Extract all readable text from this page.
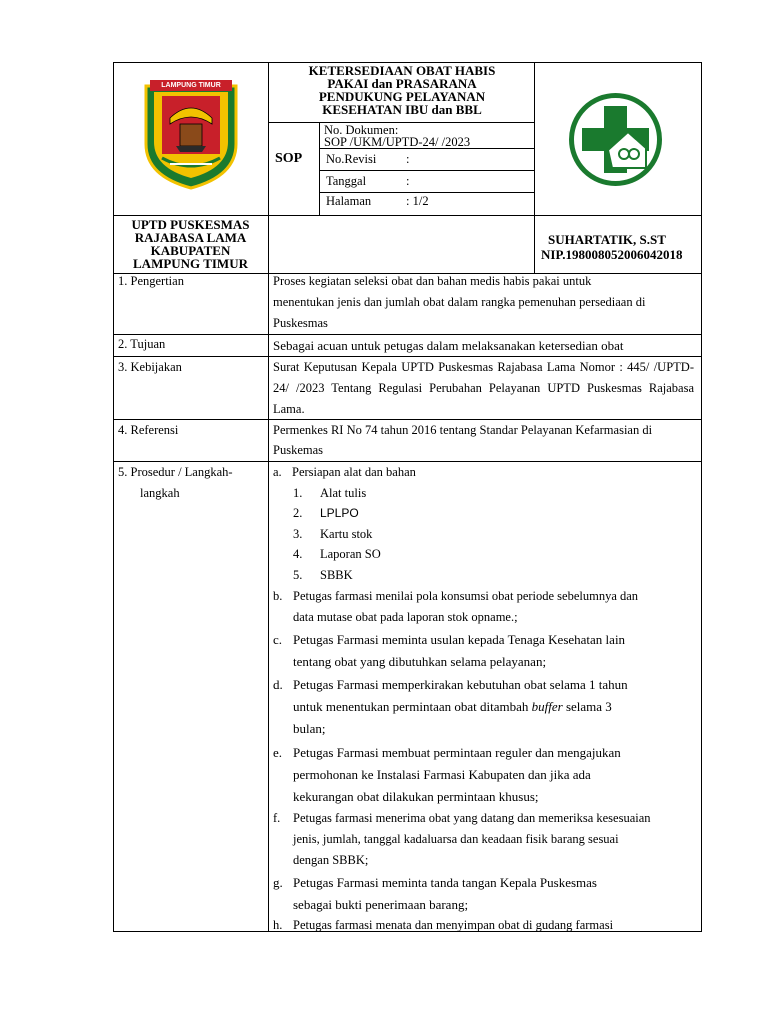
LAMPUNG TIMUR
KETERSEDIAAN OBAT HABIS
PAKAI dan PRASARANA
PENDUKUNG PELAYANAN
KESEHATAN IBU dan BBL
SOP
No. Dokumen:
SOP /UKM/UPTD-24/ /2023
No.Revisi :
Tanggal	:
Halaman	: 1/2
UPTD PUSKESMAS
RAJABASA LAMA
KABUPATEN
LAMPUNG TIMUR
SUHARTATIK, S.ST
NIP.198008052006042018
1. Pengertian	Proses kegiatan seleksi obat dan bahan medis habis pakai untuk
menentukan jenis dan jumlah obat dalam rangka pemenuhan persediaan di
Puskesmas
2. Tujuan	Sebagai acuan untuk petugas dalam melaksanakan ketersedian obat
3. Kebijakan	Surat Keputusan Kepala UPTD Puskesmas Rajabasa Lama Nomor : 445/ /UPTD-24/ /2023 Tentang Regulasi Perubahan Pelayanan UPTD Puskesmas Rajabasa Lama.
4. Referensi	Permenkes RI No 74 tahun 2016 tentang Standar Pelayanan Kefarmasian di
Puskemas
5. Prosedur / Langkah-
langkah
a. Persiapan alat dan bahan
1. Alat tulis
2. LPLPO
3. Kartu stok
4. Laporan SO
5. SBBK
b. Petugas farmasi menilai pola konsumsi obat periode sebelumnya dan
data mutase obat pada laporan stok opname.;
c. Petugas Farmasi meminta usulan kepada Tenaga Kesehatan lain
tentang obat yang dibutuhkan selama pelayanan;
d. Petugas Farmasi memperkirakan kebutuhan obat selama 1 tahun
untuk menentukan permintaan obat ditambah buffer selama 3
bulan;
e. Petugas Farmasi membuat permintaan reguler dan mengajukan
permohonan ke Instalasi Farmasi Kabupaten dan jika ada
kekurangan obat dilakukan permintaan khusus;
f. Petugas farmasi menerima obat yang datang dan memeriksa kesesuaian
jenis, jumlah, tanggal kadaluarsa dan keadaan fisik barang sesuai
dengan SBBK;
g. Petugas Farmasi meminta tanda tangan Kepala Puskesmas
sebagai bukti penerimaan barang;
h. Petugas farmasi menata dan menyimpan obat di gudang farmasi
